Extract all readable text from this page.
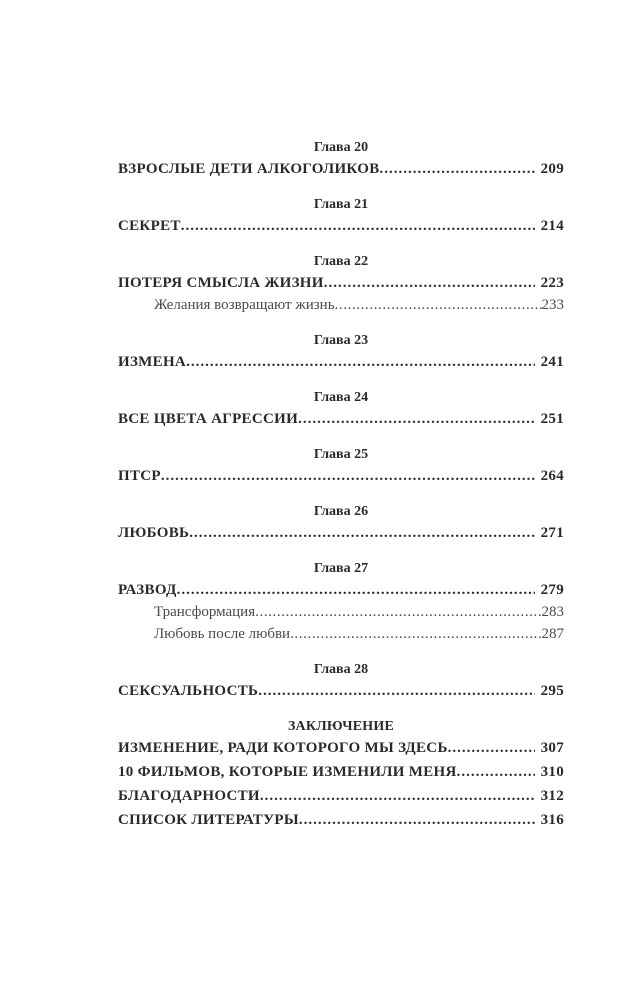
Глава 20
ВЗРОСЛЫЕ ДЕТИ АЛКОГОЛИКОВ .....	209
Глава 21
СЕКРЕТ .....	214
Глава 22
ПОТЕРЯ СМЫСЛА ЖИЗНИ .....	223
Желания возвращают жизнь .....	233
Глава 23
ИЗМЕНА .....	241
Глава 24
ВСЕ ЦВЕТА АГРЕССИИ .....	251
Глава 25
ПТСР .....	264
Глава 26
ЛЮБОВЬ .....	271
Глава 27
РАЗВОД .....	279
Трансформация .....	283
Любовь после любви .....	287
Глава 28
СЕКСУАЛЬНОСТЬ .....	295
ЗАКЛЮЧЕНИЕ
ИЗМЕНЕНИЕ, РАДИ КОТОРОГО МЫ ЗДЕСЬ .....	307
10 ФИЛЬМОВ, КОТОРЫЕ ИЗМЕНИЛИ МЕНЯ .....	310
БЛАГОДАРНОСТИ .....	312
СПИСОК ЛИТЕРАТУРЫ .....	316
